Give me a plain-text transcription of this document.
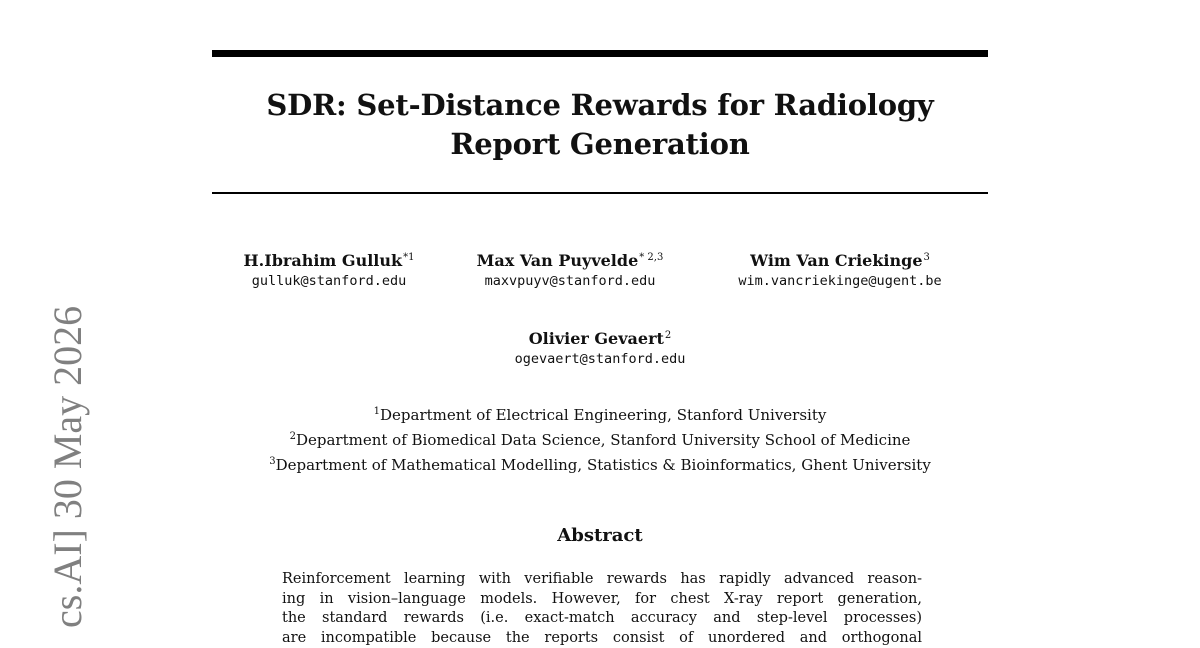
SDR: Set-Distance Rewards for Radiology
Report Generation
H.Ibrahim Gulluk$^{*1}$
gulluk@stanford.edu
Max Van Puyvelde$^{* 2,3}$
maxvpuyv@stanford.edu
Wim Van Criekinge$^3$
wim.vancriekinge@ugent.be
Olivier Gevaert$^2$
ogevaert@stanford.edu
$^1$Department of Electrical Engineering, Stanford University
$^2$Department of Biomedical Data Science, Stanford University School of Medicine
$^3$Department of Mathematical Modelling, Statistics & Bioinformatics, Ghent University
Abstract
Reinforcement learning with verifiable rewards has rapidly advanced reason-
ing in vision–language models. However, for chest X-ray report generation,
the standard rewards (i.e. exact-match accuracy and step-level processes)
are incompatible because the reports consist of unordered and orthogonal
cs.AI] 30 May 2026
